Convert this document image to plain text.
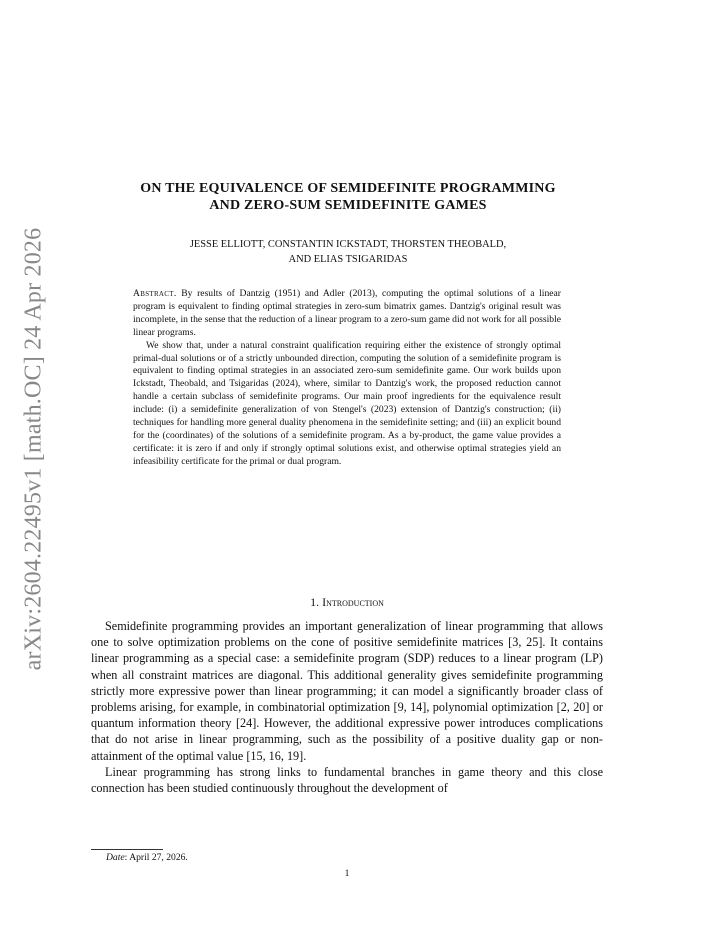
arXiv:2604.22495v1 [math.OC] 24 Apr 2026
ON THE EQUIVALENCE OF SEMIDEFINITE PROGRAMMING
AND ZERO-SUM SEMIDEFINITE GAMES
JESSE ELLIOTT, CONSTANTIN ICKSTADT, THORSTEN THEOBALD,
AND ELIAS TSIGARIDAS

Abstract. By results of Dantzig (1951) and Adler (2013), computing the optimal solutions of a linear program is equivalent to finding optimal strategies in zero-sum bimatrix games. Dantzig's original result was incomplete, in the sense that the reduction of a linear program to a zero-sum game did not work for all possible linear programs.

We show that, under a natural constraint qualification requiring either the existence of strongly optimal primal-dual solutions or of a strictly unbounded direction, computing the solution of a semidefinite program is equivalent to finding optimal strategies in an associated zero-sum semidefinite game. Our work builds upon Ickstadt, Theobald, and Tsigaridas (2024), where, similar to Dantzig's work, the proposed reduction cannot handle a certain subclass of semidefinite programs. Our main proof ingredients for the equivalence result include: (i) a semidefinite generalization of von Stengel's (2023) extension of Dantzig's construction; (ii) techniques for handling more general duality phenomena in the semidefinite setting; and (iii) an explicit bound for the (coordinates) of the solutions of a semidefinite program. As a by-product, the game value provides a certificate: it is zero if and only if strongly optimal solutions exist, and otherwise optimal strategies yield an infeasibility certificate for the primal or dual program.

1. Introduction

Semidefinite programming provides an important generalization of linear programming that allows one to solve optimization problems on the cone of positive semidefinite matrices [3, 25]. It contains linear programming as a special case: a semidefinite program (SDP) reduces to a linear program (LP) when all constraint matrices are diagonal. This additional generality gives semidefinite programming strictly more expressive power than linear programming; it can model a significantly broader class of problems arising, for example, in combinatorial optimization [9, 14], polynomial optimization [2, 20] or quantum information theory [24]. However, the additional expressive power introduces complications that do not arise in linear programming, such as the possibility of a positive duality gap or non-attainment of the optimal value [15, 16, 19].

Linear programming has strong links to fundamental branches in game theory and this close connection has been studied continuously throughout the development of

Date: April 27, 2026.
1
